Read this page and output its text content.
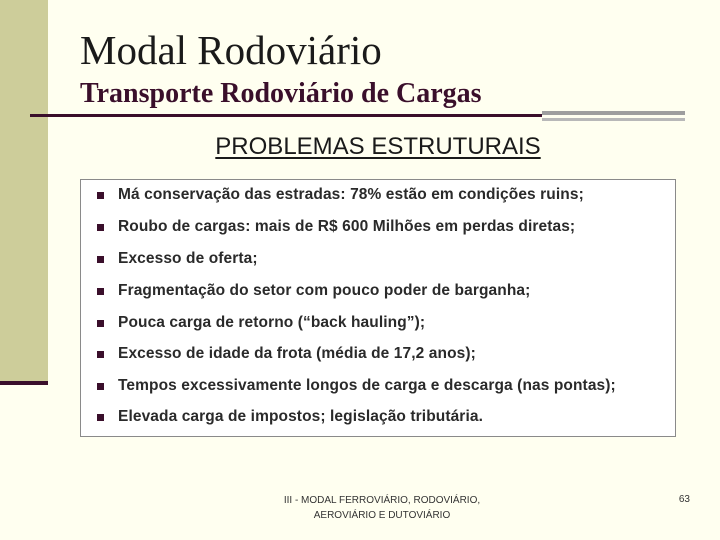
Modal Rodoviário
Transporte Rodoviário de Cargas
PROBLEMAS ESTRUTURAIS
Má conservação das estradas: 78% estão em condições ruins;
Roubo de cargas: mais de R$ 600 Milhões em perdas diretas;
Excesso de oferta;
Fragmentação do setor com pouco poder de barganha;
Pouca carga de retorno (“back hauling”);
Excesso de idade da frota (média de 17,2 anos);
Tempos excessivamente longos de carga e descarga (nas pontas);
Elevada carga de impostos; legislação tributária.
III - MODAL FERROVIÁRIO, RODOVIÁRIO,
AEROVIÁRIO E DUTOVIÁRIO
63
